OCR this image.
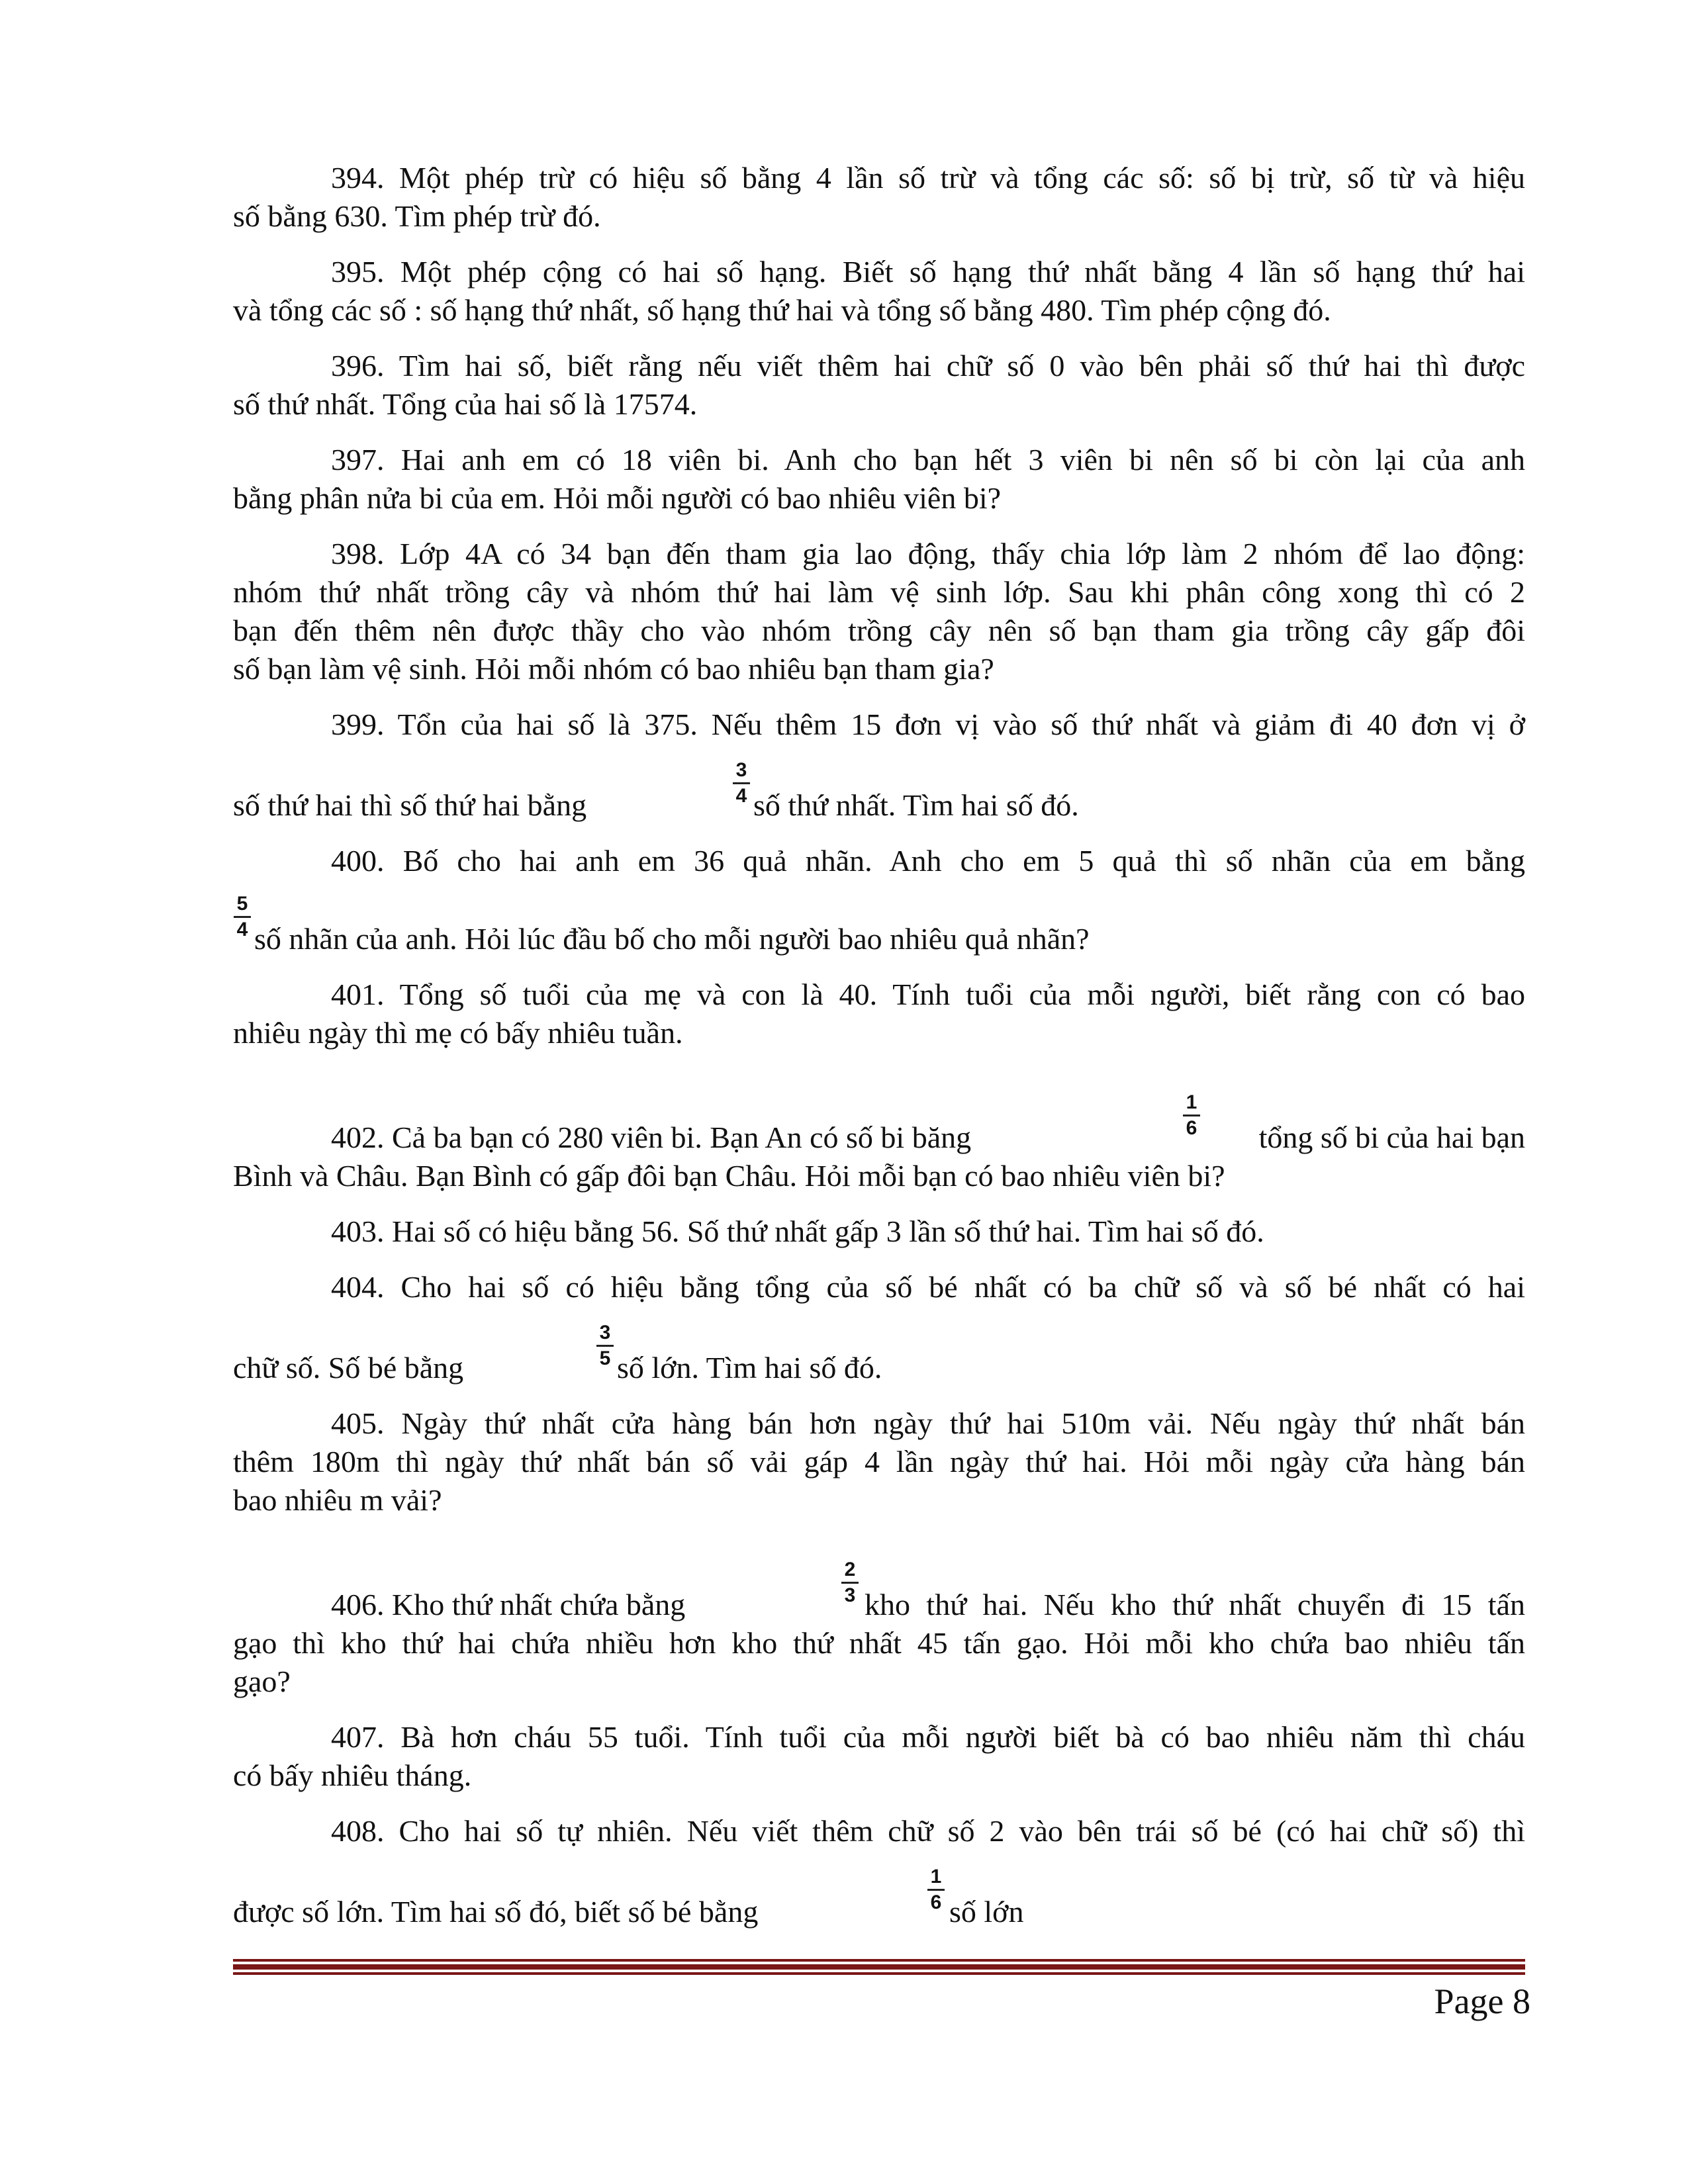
394. Một phép trừ có hiệu số bằng 4 lần số trừ và tổng các số: số bị trừ, số từ và hiệu
số bằng 630. Tìm phép trừ đó.
395. Một phép cộng có hai số hạng. Biết số hạng thứ nhất bằng 4 lần số hạng thứ hai
và tổng các số : số hạng thứ nhất, số hạng thứ hai và tổng số bằng 480. Tìm phép cộng đó.
396. Tìm hai số, biết rằng nếu viết thêm hai chữ số 0 vào bên phải số thứ hai thì được
số thứ nhất. Tổng của hai số là 17574.
397. Hai anh em có 18 viên bi. Anh cho bạn hết 3 viên bi nên số bi còn lại của anh
bằng phân nửa bi của em. Hỏi mỗi người có bao nhiêu viên bi?
398. Lớp 4A có 34 bạn đến tham gia lao động, thấy chia lớp làm 2 nhóm để lao động:
nhóm thứ nhất trồng cây và nhóm thứ hai làm vệ sinh lớp. Sau khi phân công xong thì có 2
bạn đến thêm nên được thầy cho vào nhóm trồng cây nên số bạn tham gia trồng cây gấp đôi
số bạn làm vệ sinh. Hỏi mỗi nhóm có bao nhiêu bạn tham gia?
399. Tổn của hai số là 375. Nếu thêm 15 đơn vị vào số thứ nhất và giảm đi 40 đơn vị ở
số thứ hai thì số thứ hai bằng
3
4 số thứ nhất. Tìm hai số đó.
400. Bố cho hai anh em 36 quả nhãn. Anh cho em 5 quả thì số nhãn của em bằng
5
4 số nhãn của anh. Hỏi lúc đầu bố cho mỗi người bao nhiêu quả nhãn?
401. Tổng số tuổi của mẹ và con là 40. Tính tuổi của mỗi người, biết rằng con có bao
nhiêu ngày thì mẹ có bấy nhiêu tuần.
402. Cả ba bạn có 280 viên bi. Bạn An có số bi băng
1
6	tổng số bi của hai bạn
Bình và Châu. Bạn Bình có gấp đôi bạn Châu. Hỏi mỗi bạn có bao nhiêu viên bi?
403. Hai số có hiệu bằng 56. Số thứ nhất gấp 3 lần số thứ hai. Tìm hai số đó.
404. Cho hai số có hiệu bằng tổng của số bé nhất có ba chữ số và số bé nhất có hai
chữ số. Số bé bằng
3
5 số lớn. Tìm hai số đó.
405. Ngày thứ nhất cửa hàng bán hơn ngày thứ hai 510m vải. Nếu ngày thứ nhất bán
thêm 180m thì ngày thứ nhất bán số vải gáp 4 lần ngày thứ hai. Hỏi mỗi ngày cửa hàng bán
bao nhiêu m vải?
406. Kho thứ nhất chứa bằng
2
3 kho thứ hai. Nếu kho thứ nhất chuyển đi 15 tấn
gạo thì kho thứ hai chứa nhiều hơn kho thứ nhất 45 tấn gạo. Hỏi mỗi kho chứa bao nhiêu tấn
gạo?
407. Bà hơn cháu 55 tuổi. Tính tuổi của mỗi người biết bà có bao nhiêu năm thì cháu
có bấy nhiêu tháng.
408. Cho hai số tự nhiên. Nếu viết thêm chữ số 2 vào bên trái số bé (có hai chữ số) thì
được số lớn. Tìm hai số đó, biết số bé bằng
1
6 số lớn
Page 8
